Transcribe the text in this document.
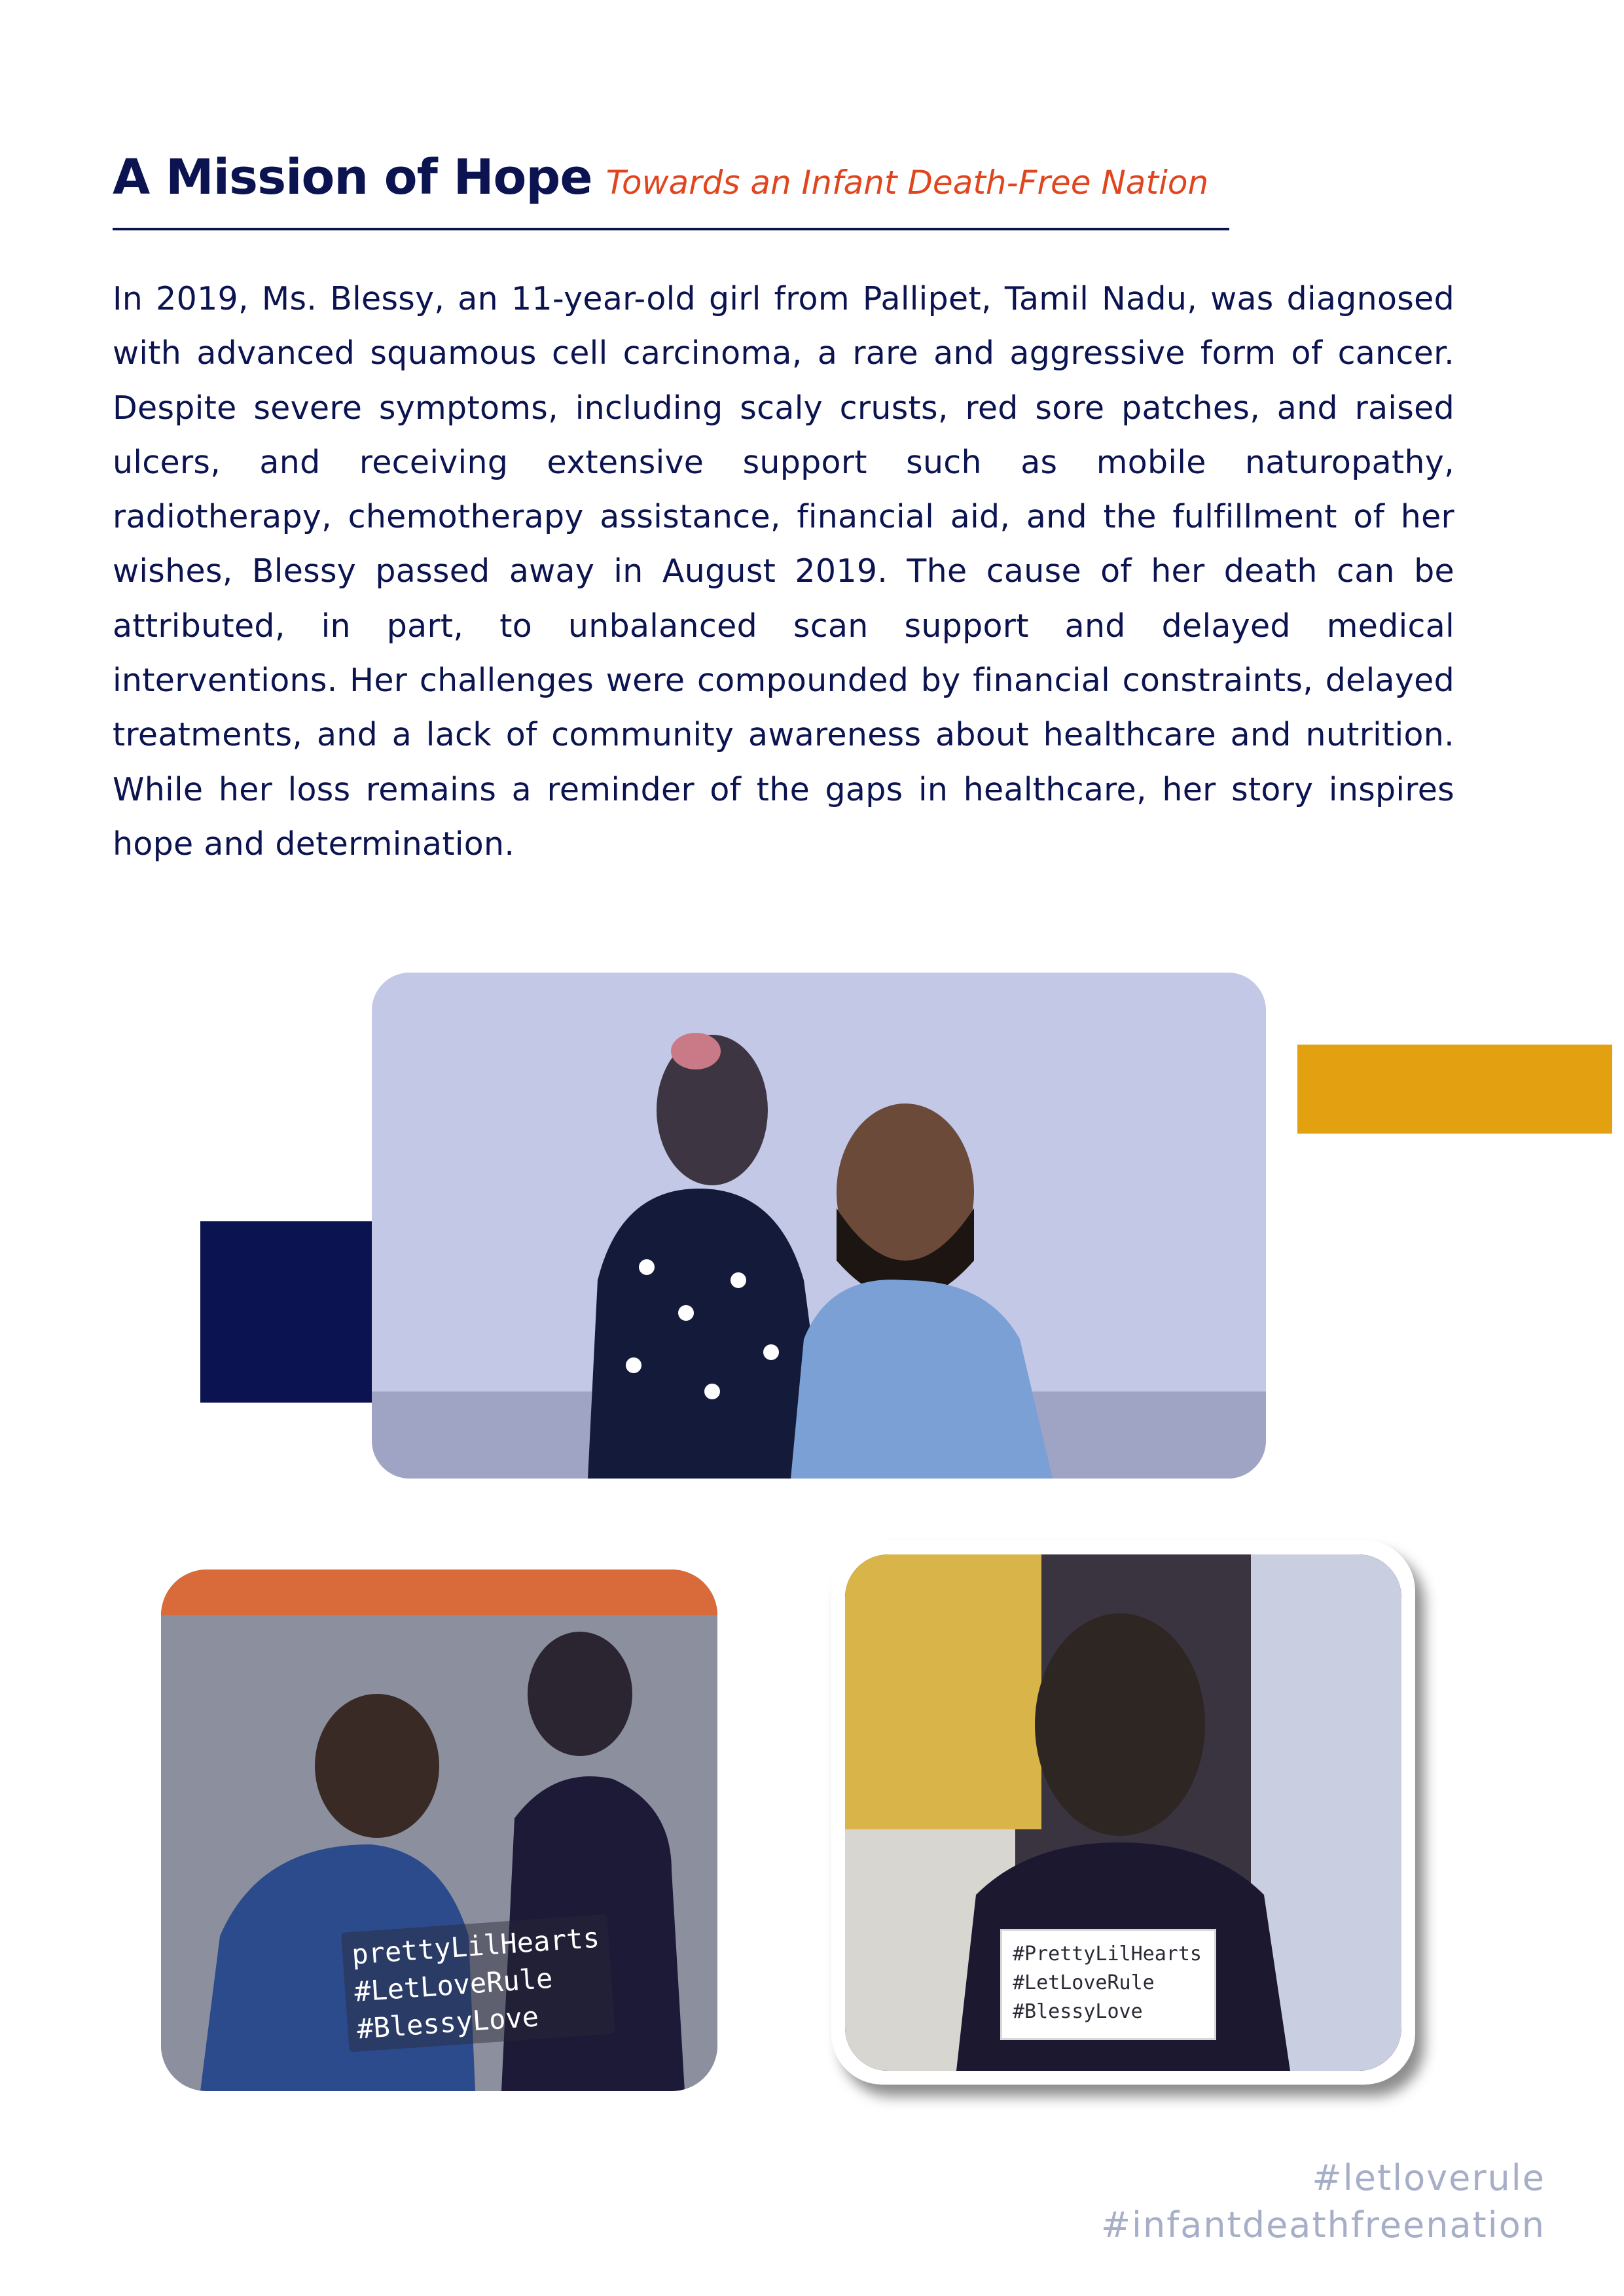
A Mission of Hope Towards an Infant Death-Free Nation
In 2019, Ms. Blessy, an 11-year-old girl from Pallipet, Tamil Nadu, was diagnosed with advanced squamous cell carcinoma, a rare and aggressive form of cancer. Despite severe symptoms, including scaly crusts, red sore patches, and raised ulcers, and receiving extensive support such as mobile naturopathy, radiotherapy, chemotherapy assistance, financial aid, and the fulfillment of her wishes, Blessy passed away in August 2019. The cause of her death can be attributed, in part, to unbalanced scan support and delayed medical interventions. Her challenges were compounded by financial constraints, delayed treatments, and a lack of community awareness about healthcare and nutrition. While her loss remains a reminder of the gaps in healthcare, her story inspires hope and determination.
prettyLilHearts
#LetLoveRule
#BlessyLove
#PrettyLilHearts
#LetLoveRule
#BlessyLove
#letloverule
#infantdeathfreenation
